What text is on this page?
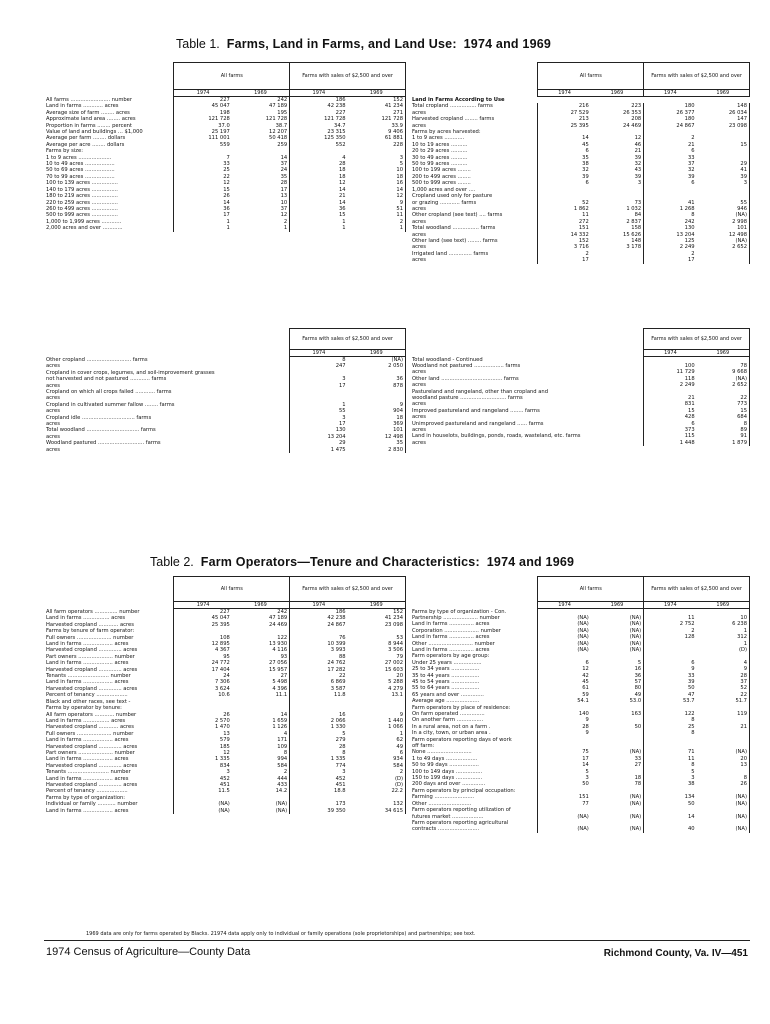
Table 1. Farms, Land in Farms, and Land Use: 1974 and 1969
	All farms		Farms with sales of $2,500 and over	
	1974	1969	1974	1969
All farms ........................ number	227	242	186	152

Land in farms ............ acres	45 047	47 189	42 238	41 234
Average size of farm ........ acres	198	195	227	271

Approximate land area ........ acres	121 728	121 728	121 728	121 728
Proportion in farms ........ percent	37.0	38.7	34.7	33.9

Value of land and buildings ... $1,000	25 197	12 207	23 315	9 406
Average per farm ........ dollars	111 001	50 418	125 350	61 881
Average per acre ........ dollars	559	259	552	228

Farms by size:				
1 to 9 acres ....................	7	14	4	3
10 to 49 acres ..................	33	37	28	5
50 to 69 acres ..................	25	24	18	10
70 to 99 acres ..................	22	35	18	18
100 to 139 acres ................	12	28	12	16
140 to 179 acres ................	15	17	14	14

180 to 219 acres ................	26	13	21	12
220 to 259 acres ................	14	10	14	9
260 to 499 acres ................	36	37	36	51
500 to 999 acres ................	17	12	15	11
1,000 to 1,999 acres ............	1	2	1	2
2,000 acres and over ............	1	1	1	1
	Farms with sales of $2,500 and over	
	1974	1969
Other cropland ........................... farms	8	(NA)
acres	247	2 050

Cropland in cover crops, legumes, and soil-improvement grasses		
not harvested and not pastured ............ farms	3	36
acres	17	878
Cropland on which all crops failed ............ farms		
acres		

Cropland in cultivated summer fallow ........ farms	1	9
acres	55	904
Cropland idle ................................ farms	3	18
acres	17	369

Total woodland ................................ farms	130	101
acres	13 204	12 498
Woodland pastured ............................ farms	29	35
acres	1 475	2 830
	All farms		Farms with sales of $2,500 and over	
	1974	1969	1974	1969
Land in Farms According to Use				
Total cropland ................ farms	216	223	180	148
acres	27 529	26 353	26 377	26 034
Harvested cropland ........ farms	213	208	180	147
acres	25 395	24 469	24 867	23 098
Farms by acres harvested:				
1 to 9 acres ............	14	12	2	
10 to 19 acres ..........	45	46	21	15
20 to 29 acres ..........	6	21	6	
30 to 49 acres ..........	35	39	33	
50 to 99 acres ..........	38	32	37	29
100 to 199 acres ........	32	43	32	41
200 to 499 acres ........	39	39	39	39
500 to 999 acres ........	6	3	6	3
1,000 acres and over ....				
Cropland used only for pasture				
or grazing ............ farms	52	73	41	55
acres	1 862	1 032	1 268	946
Other cropland (see text) .... farms	11	84	8	(NA)
acres	272	2 837	242	2 998

Total woodland ................ farms	151	158	130	101
acres	14 332	15 626	13 204	12 498
Other land (see text) ........ farms	152	148	125	(NA)
acres	3 716	3 178	2 249	2 652
Irrigated land .............. farms	2		2	
acres	17		17	
	Farms with sales of $2,500 and over	
	1974	1969
Total woodland - Continued		
Woodland not pastured .................. farms	100	78
acres	11 729	9 668

Other land ..................................... farms	118	(NA)
acres	2 249	2 652
Pastureland and rangeland, other than cropland and		
woodland pasture ............................ farms	21	22
acres	831	773

Improved pastureland and rangeland ........ farms	15	15
acres	428	684

Unimproved pastureland and rangeland ...... farms	6	8
acres	373	89

Land in houselots, buildings, ponds, roads, wasteland, etc. farms	115	91
acres	1 448	1 879
Table 2. Farm Operators—Tenure and Characteristics: 1974 and 1969
	All farms		Farms with sales of $2,500 and over	
	1974	1969	1974	1969
All farm operators .............. number	227	242	186	152
Land in farms ................ acres	45 047	47 189	42 238	41 234
Harvested cropland ............ acres	25 395	24 469	24 867	23 098
Farms by tenure of farm operator:				
Full owners ..................... number	108	122	76	53
Land in farms .................. acres	12 895	13 930	10 399	8 944
Harvested cropland .............. acres	4 367	4 116	3 993	3 506
Part owners ..................... number	95	93	88	79
Land in farms .................. acres	24 772	27 056	24 762	27 002
Harvested cropland .............. acres	17 404	15 957	17 282	15 603
Tenants ......................... number	24	27	22	20
Land in farms .................. acres	7 306	5 498	6 869	5 288
Harvested cropland .............. acres	3 624	4 396	3 587	4 279
Percent of tenancy ...................	10.6	11.1	11.8	13.1

Black and other races, see text -				
Farms by operator by tenure:				
All farm operators ............ number	26	14	16	9
Land in farms ................ acres	2 570	1 659	2 066	1 440
Harvested cropland ............ acres	1 470	1 126	1 330	1 066
Full owners ..................... number	13	4	5	1
Land in farms .................. acres	579	171	279	62
Harvested cropland .............. acres	185	109	28	49
Part owners ..................... number	12	8	8	6
Land in farms .................. acres	1 335	994	1 335	934
Harvested cropland .............. acres	834	584	774	584
Tenants ......................... number	3	2	3	2
Land in farms .................. acres	452	444	452	(D)
Harvested cropland .............. acres	451	433	451	(D)
Percent of tenancy ...................	11.5	14.2	18.8	22.2

Farms by type of organization:				
Individual or family ........... number	(NA)	(NA)	173	132
Land in farms .................. acres	(NA)	(NA)	39 350	34 615
	All farms		Farms with sales of $2,500 and over	
	1974	1969	1974	1969
Farms by type of organization - Con.				
Partnership ..................... number	(NA)	(NA)	11	10
Land in farms ............... acres	(NA)	(NA)	2 752	6 238
Corporation ..................... number	(NA)	(NA)	2	1
Land in farms ............... acres	(NA)	(NA)	128	312
Other ........................... number	(NA)	(NA)		1
Land in farms ............... acres	(NA)	(NA)		(D)

Farm operators by age group:				
Under 25 years .................	6	5	6	4
25 to 34 years .................	12	16	9	9
35 to 44 years .................	42	36	33	28
45 to 54 years .................	45	57	39	37
55 to 64 years .................	61	80	50	52
65 years and over ..............	59	49	47	22
Average age ....................	54.1	53.0	53.7	51.7

Farm operators by place of residence:				
On farm operated ...............	140	163	122	119
On another farm ................	9		8	
In a rural area, not on a farm .	28	50	25	21
In a city, town, or urban area .	9		8	
Farm operators reporting days of work				
off farm:				
None ...........................	75	(NA)	71	(NA)
1 to 49 days ...................	17	33	11	20
50 to 99 days ..................	14	27	8	13
100 to 149 days ................	5		5	
150 to 199 days ................	3	18	3	8
200 days and over ..............	50	78	38	26
Farm operators by principal occupation:				
Farming ........................	151	(NA)	134	(NA)
Other ..........................	77	(NA)	50	(NA)
Farm operators reporting utilization of				
futures market ...................	(NA)	(NA)	14	(NA)
Farm operators reporting agricultural				
contracts .........................	(NA)	(NA)	40	(NA)
1969 data are only for farms operated by Blacks. 21974 data apply only to individual or family operations (sole proprietorships) and partnerships; see text.
1974 Census of Agriculture—County Data	Richmond County, Va. IV—451
